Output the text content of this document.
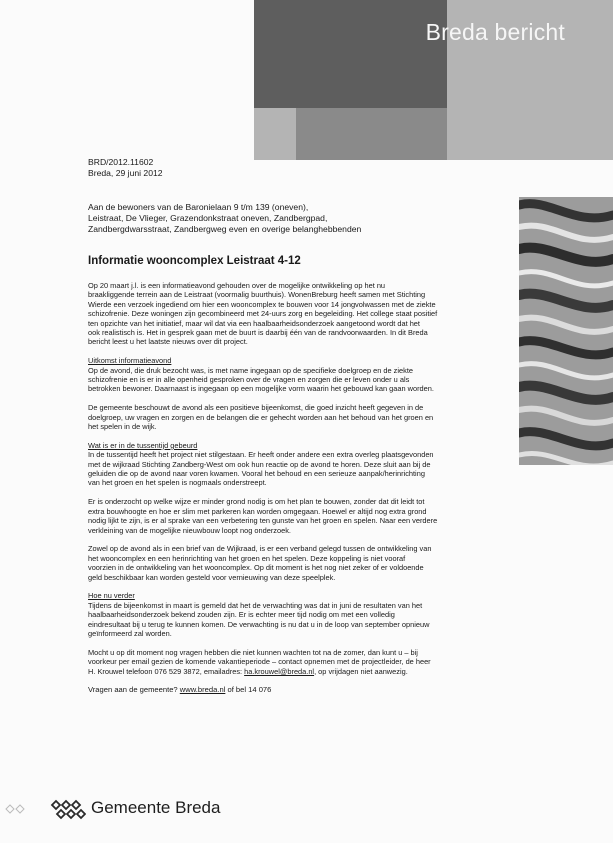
Breda bericht
BRD/2012.11602
Breda, 29 juni 2012
Aan de bewoners van de Baronielaan 9 t/m 139 (oneven),
Leistraat, De Vlieger, Grazendonkstraat oneven, Zandbergpad,
Zandbergdwarsstraat, Zandbergweg even en overige belanghebbenden
Informatie wooncomplex Leistraat 4-12

Op 20 maart j.l. is een informatieavond gehouden over de mogelijke ontwikkeling op het nu
braakliggende terrein aan de Leistraat (voormalig buurthuis). WonenBreburg heeft samen met Stichting
Wierde een verzoek ingediend om hier een wooncomplex te bouwen voor 14 jongvolwassen met de ziekte
schizofrenie. Deze woningen zijn gecombineerd met 24-uurs zorg en begeleiding. Het college staat positief
ten opzichte van het initiatief, maar wil dat via een haalbaarheidsonderzoek aangetoond wordt dat het
ook realistisch is. Het in gesprek gaan met de buurt is daarbij één van de randvoorwaarden. In dit Breda
bericht leest u het laatste nieuws over dit project.

Uitkomst informatieavond
Op de avond, die druk bezocht was, is met name ingegaan op de specifieke doelgroep en de ziekte
schizofrenie en is er in alle openheid gesproken over de vragen en zorgen die er leven onder u als
betrokken bewoner. Daarnaast is ingegaan op een mogelijke vorm waarin het gebouwd kan gaan worden.

De gemeente beschouwt de avond als een positieve bijeenkomst, die goed inzicht heeft gegeven in de
doelgroep, uw vragen en zorgen en de belangen die er gehecht worden aan het behoud van het groen en
het spelen in de wijk.

Wat is er in de tussentijd gebeurd
In de tussentijd heeft het project niet stilgestaan. Er heeft onder andere een extra overleg plaatsgevonden
met de wijkraad Stichting Zandberg-West om ook hun reactie op de avond te horen. Deze sluit aan bij de
geluiden die op de avond naar voren kwamen. Vooral het behoud en een serieuze aanpak/herinrichting
van het groen en het spelen is nogmaals onderstreept.

Er is onderzocht op welke wijze er minder grond nodig is om het plan te bouwen, zonder dat dit leidt tot
extra bouwhoogte en hoe er slim met parkeren kan worden omgegaan. Hoewel er altijd nog extra grond
nodig lijkt te zijn, is er al sprake van een verbetering ten gunste van het groen en spelen. Naar een verdere
verkleining van de mogelijke nieuwbouw loopt nog onderzoek.

Zowel op de avond als in een brief van de Wijkraad, is er een verband gelegd tussen de ontwikkeling van
het wooncomplex en een herinrichting van het groen en het spelen. Deze koppeling is niet vooraf
voorzien in de ontwikkeling van het wooncomplex. Op dit moment is het nog niet zeker of er voldoende
geld beschikbaar kan worden gesteld voor vernieuwing van deze speelplek.

Hoe nu verder
Tijdens de bijeenkomst in maart is gemeld dat het de verwachting was dat in juni de resultaten van het
haalbaarheidsonderzoek bekend zouden zijn. Er is echter meer tijd nodig om met een volledig
eindresultaat bij u terug te kunnen komen. De verwachting is nu dat u in de loop van september opnieuw
geïnformeerd zal worden.

Mocht u op dit moment nog vragen hebben die niet kunnen wachten tot na de zomer, dan kunt u – bij
voorkeur per email gezien de komende vakantieperiode – contact opnemen met de projectleider, de heer
H. Krouwel telefoon 076 529 3872, emailadres: ha.krouwel@breda.nl, op vrijdagen niet aanwezig.

Vragen aan de gemeente? www.breda.nl of bel 14 076
Gemeente Breda
